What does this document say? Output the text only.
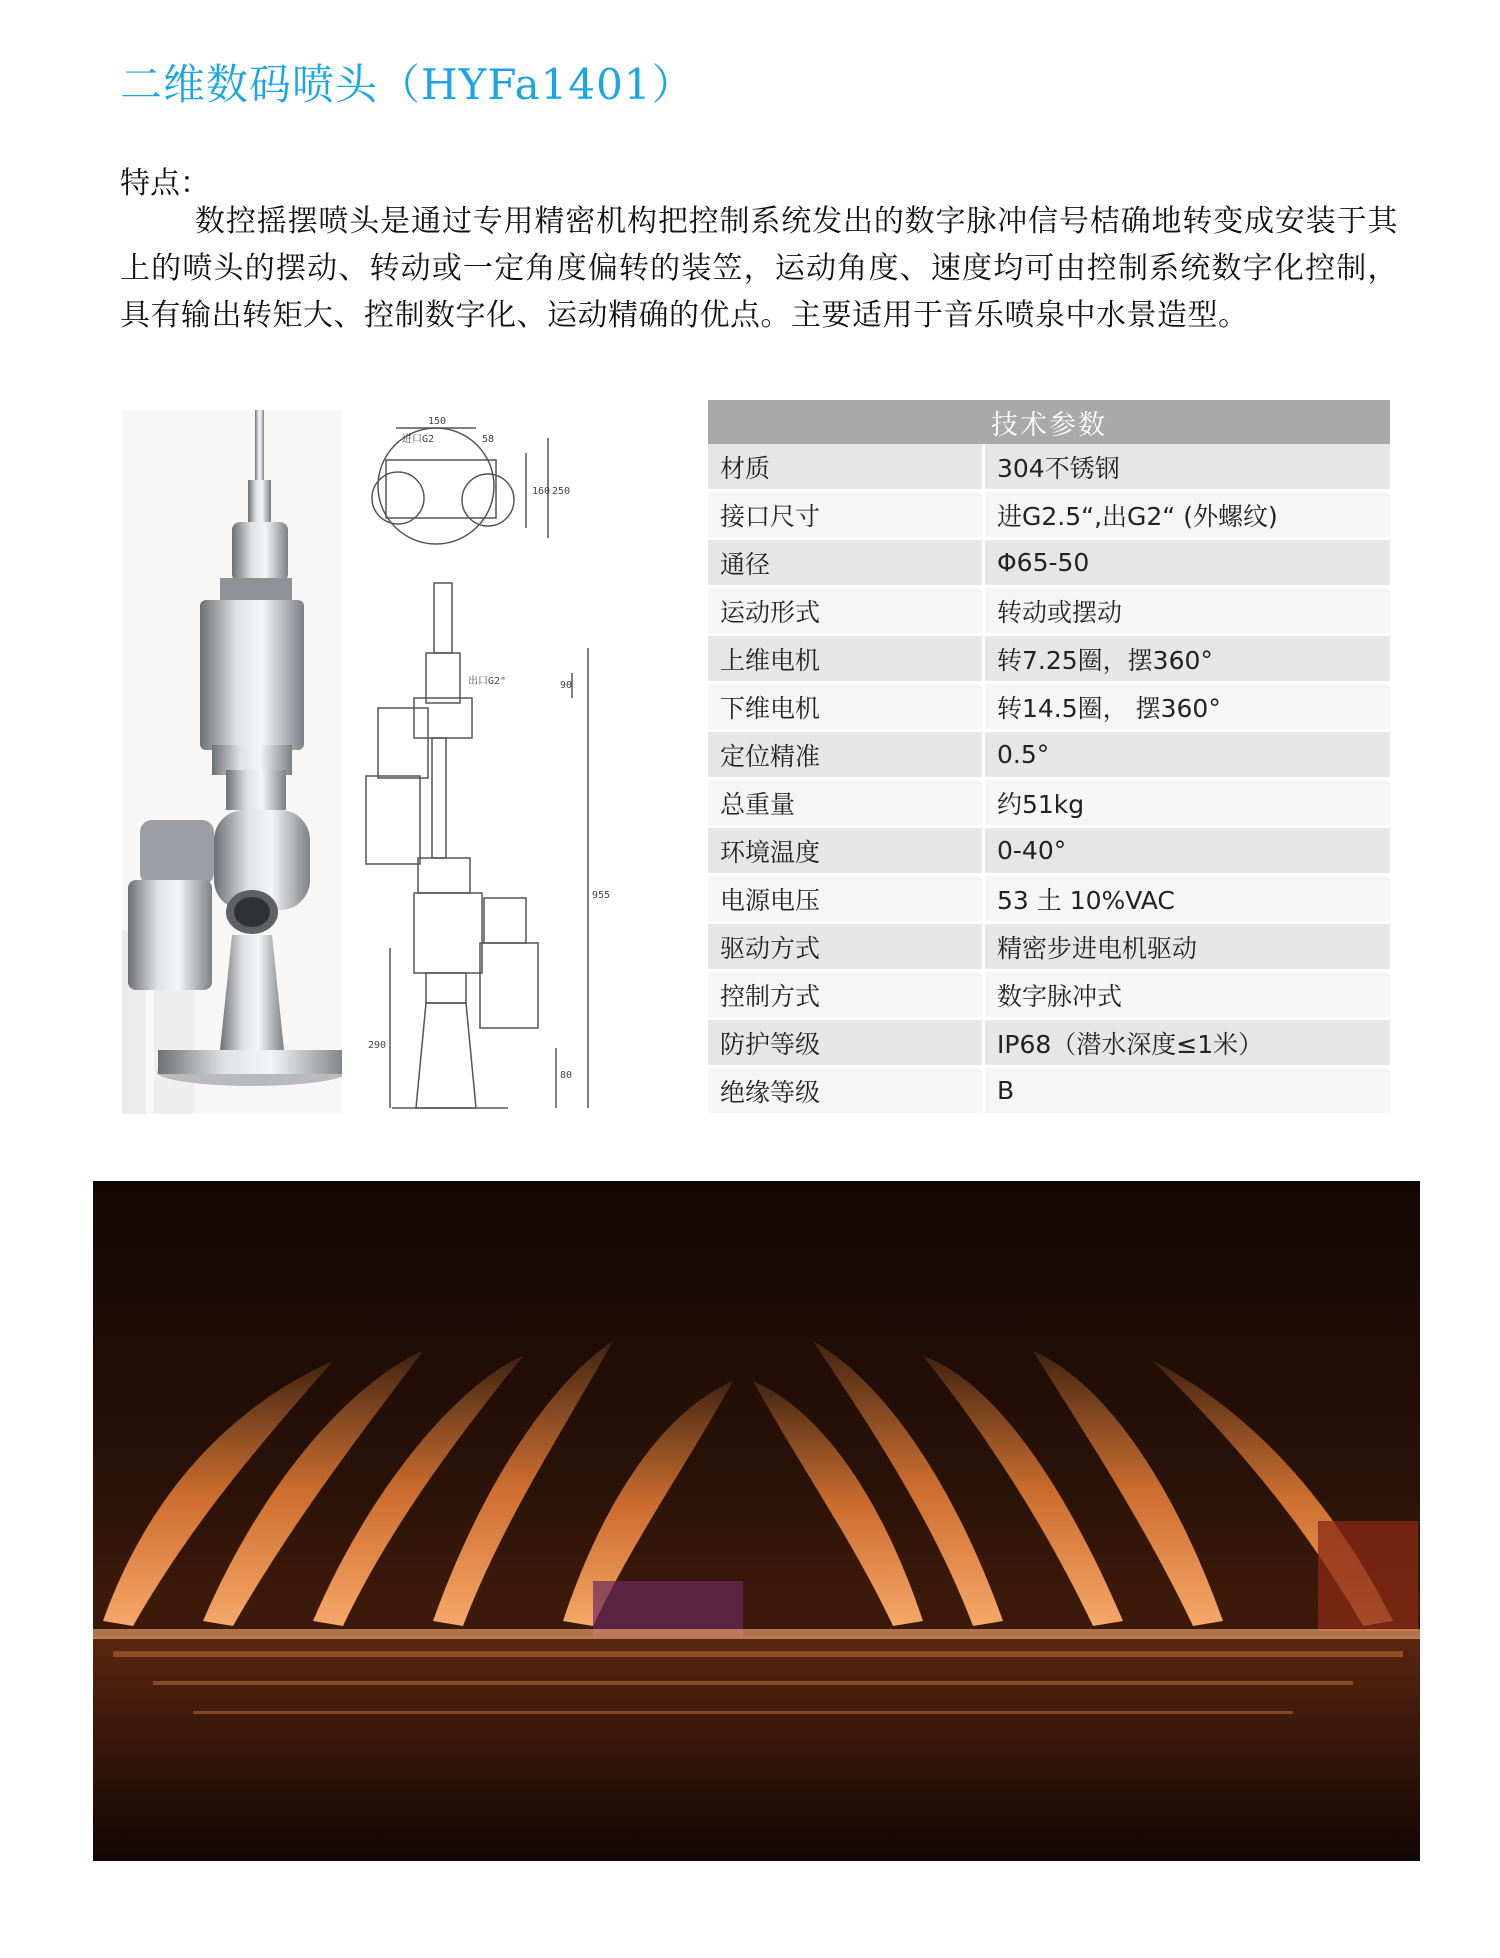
二维数码喷头（HYFa1401）

特点：

数控摇摆喷头是通过专用精密机构把控制系统发出的数字脉冲信号桔确地转变成安装于其上的喷头的摆动、转动或一定角度偏转的装笠，运动角度、速度均可由控制系统数字化控制，具有输出转矩大、控制数字化、运动精确的优点。主要适用于音乐喷泉中水景造型。

150
进口G2	58
160 250
出口G2"	90
955
290
80
技术参数	
材质	304不锈钢
接口尺寸	进G2.5“,出G2“ (外螺纹)
通径	Φ65-50
运动形式	转动或摆动
上维电机	转7.25圈，摆360°
下维电机	转14.5圈， 摆360°
定位精准	0.5°
总重量	约51kg
环境温度	0-40°
电源电压	53 土 10%VAC
驱动方式	精密步进电机驱动
控制方式	数字脉冲式
防护等级	IP68（潜水深度≤1米）
绝缘等级	B
